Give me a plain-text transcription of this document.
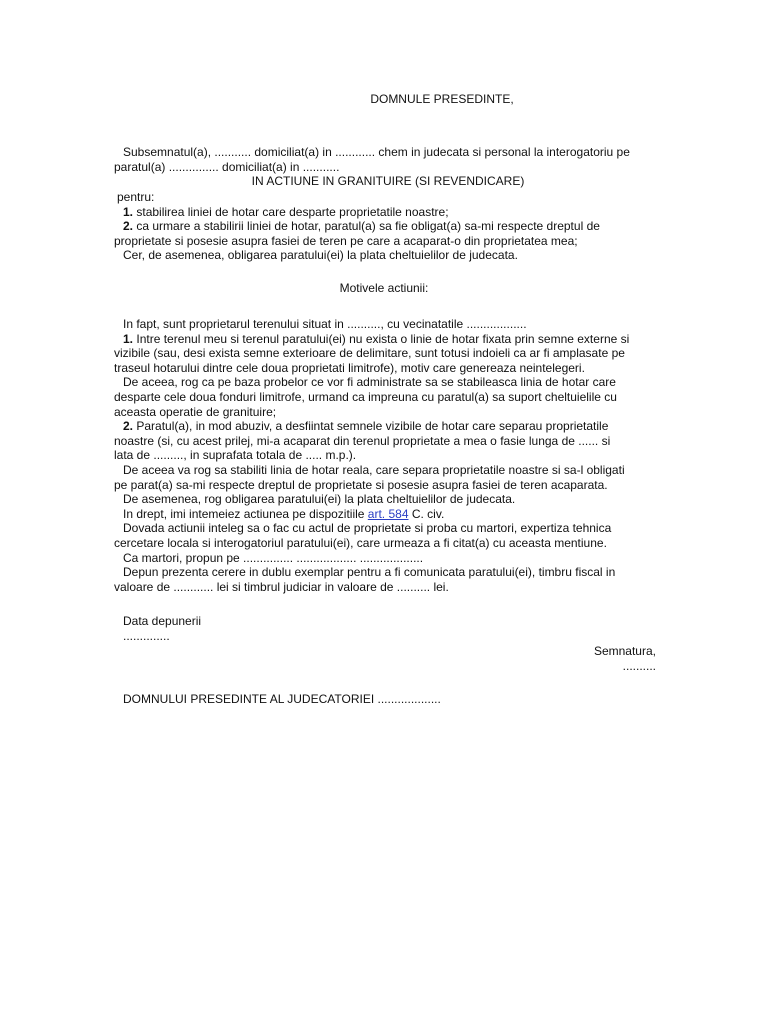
DOMNULE PRESEDINTE,

Subsemnatul(a), ........... domiciliat(a) in ............ chem in judecata si personal la interogatoriu pe

paratul(a) ............... domiciliat(a) in ...........

IN ACTIUNE IN GRANITUIRE (SI REVENDICARE)

pentru:

1. stabilirea liniei de hotar care desparte proprietatile noastre;

2. ca urmare a stabilirii liniei de hotar, paratul(a) sa fie obligat(a) sa-mi respecte dreptul de

proprietate si posesie asupra fasiei de teren pe care a acaparat-o din proprietatea mea;

Cer, de asemenea, obligarea paratului(ei) la plata cheltuielilor de judecata.

Motivele actiunii:

In fapt, sunt proprietarul terenului situat in .........., cu vecinatatile ..................

1. Intre terenul meu si terenul paratului(ei) nu exista o linie de hotar fixata prin semne externe si

vizibile (sau, desi exista semne exterioare de delimitare, sunt totusi indoieli ca ar fi amplasate pe

traseul hotarului dintre cele doua proprietati limitrofe), motiv care genereaza neintelegeri.

De aceea, rog ca pe baza probelor ce vor fi administrate sa se stabileasca linia de hotar care

desparte cele doua fonduri limitrofe, urmand ca impreuna cu paratul(a) sa suport cheltuielile cu

aceasta operatie de granituire;

2. Paratul(a), in mod abuziv, a desfiintat semnele vizibile de hotar care separau proprietatile

noastre (si, cu acest prilej, mi-a acaparat din terenul proprietate a mea o fasie lunga de ...... si

lata de ........., in suprafata totala de ..... m.p.).

De aceea va rog sa stabiliti linia de hotar reala, care separa proprietatile noastre si sa-l obligati

pe parat(a) sa-mi respecte dreptul de proprietate si posesie asupra fasiei de teren acaparata.

De asemenea, rog obligarea paratului(ei) la plata cheltuielilor de judecata.

In drept, imi intemeiez actiunea pe dispozitiile art. 584 C. civ.

Dovada actiunii inteleg sa o fac cu actul de proprietate si proba cu martori, expertiza tehnica

cercetare locala si interogatoriul paratului(ei), care urmeaza a fi citat(a) cu aceasta mentiune.

Ca martori, propun pe ............... .................. ...................

Depun prezenta cerere in dublu exemplar pentru a fi comunicata paratului(ei), timbru fiscal in

valoare de ............ lei si timbrul judiciar in valoare de .......... lei.

Data depunerii

..............

Semnatura,

..........

DOMNULUI PRESEDINTE AL JUDECATORIEI ...................
